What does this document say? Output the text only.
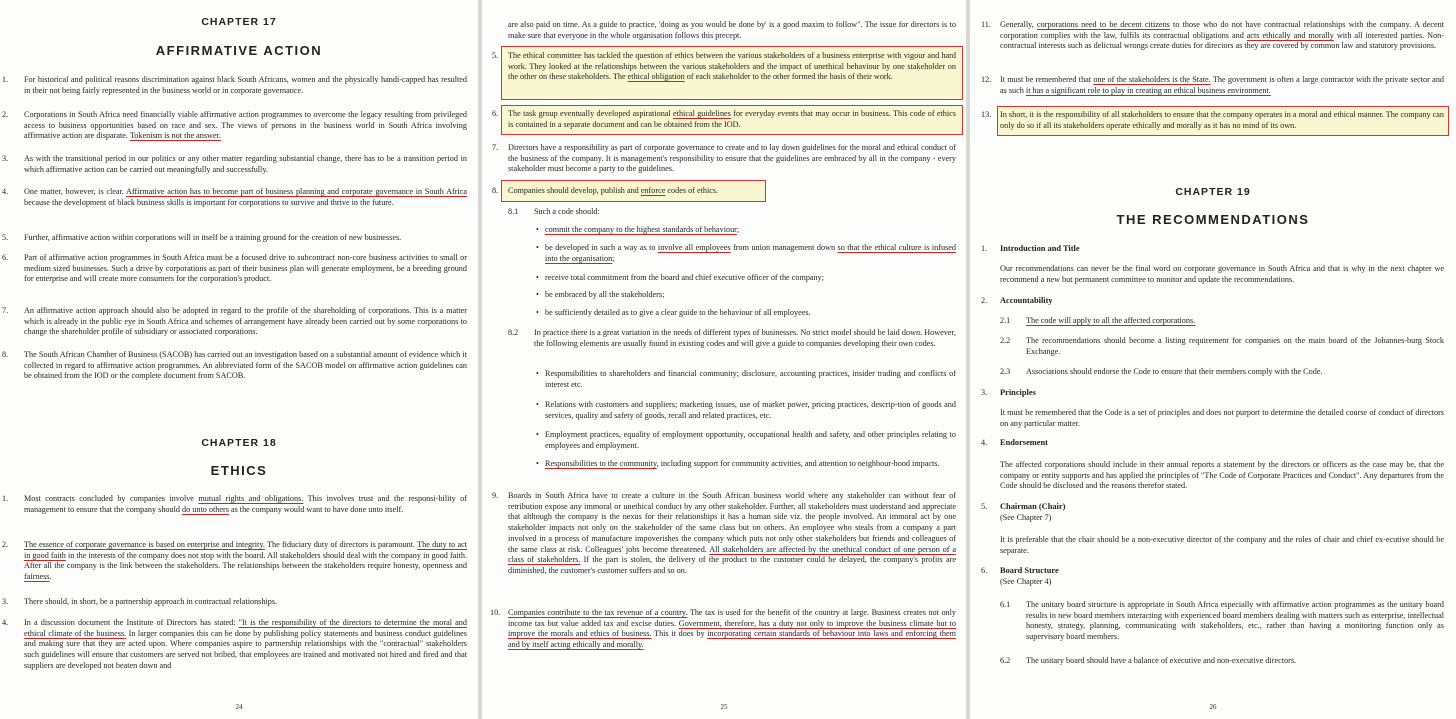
CHAPTER 17
AFFIRMATIVE ACTION
1. For historical and political reasons discrimination against black South Africans, women and the physically handi-capped has resulted in their not being fairly represented in the business world or in corporate governance.
2. Corporations in South Africa need financially viable affirmative action programmes to overcome the legacy resulting from privileged access to business opportunities based on race and sex. The views of persons in the business world in South Africa involving affirmative action are disparate. Tokenism is not the answer.
3. As with the transitional period in our politics or any other matter regarding substantial change, there has to be a transition period in which affirmative action can be carried out meaningfully and successfully.
4. One matter, however, is clear. Affirmative action has to become part of business planning and corporate governance in South Africa because the development of black business skills is important for corporations to survive and thrive in the future.
5. Further, affirmative action within corporations will in itself be a training ground for the creation of new businesses.
6. Part of affirmative action programmes in South Africa must be a focused drive to subcontract non-core business activities to small or medium sized businesses. Such a drive by corporations as part of their business plan will generate employment, be a breeding ground for enterprise and will create more consumers for the corporation's product.
7. An affirmative action approach should also be adopted in regard to the profile of the shareholding of corporations. This is a matter which is already in the public eye in South Africa and schemes of arrangement have already been carried out by some corporations to change the shareholder profile of subsidiary or associated corporations.
8. The South African Chamber of Business (SACOB) has carried out an investigation based on a substantial amount of evidence which it collected in regard to affirmative action programmes. An abbreviated form of the SACOB model on affirmative action guidelines can be obtained from the IOD or the complete document from SACOB.
CHAPTER 18
ETHICS
1. Most contracts concluded by companies involve mutual rights and obligations. This involves trust and the responsi-bility of management to ensure that the company should do unto others as the company would want to have done unto itself.
2. The essence of corporate governance is based on enterprise and integrity. The fiduciary duty of directors is paramount. The duty to act in good faith in the interests of the company does not stop with the board. All stakeholders should deal with the company in good faith. After all the company is the link between the stakeholders. The relationships between the stakeholders require honesty, openness and fairness.
3. There should, in short, be a partnership approach in contractual relationships.
4. In a discussion document the Institute of Directors has stated: "It is the responsibility of the directors to determine the moral and ethical climate of the business. In larger companies this can be done by publishing policy statements and business conduct guidelines and making sure that they are acted upon. Where companies aspire to partnership relationships with the "contractual" stakeholders such guidelines will ensure that customers are served not bribed, that employees are trained and motivated not hired and fired and that suppliers are developed not beaten down and
24
are also paid on time. As a guide to practice, 'doing as you would be done by' is a good maxim to follow". The issue for directors is to make sure that everyone in the whole organisation follows this precept.
5. The ethical committee has tackled the question of ethics between the various stakeholders of a business enterprise with vigour and hard work. They looked at the relationships between the various stakeholders and the impact of unethical behaviour by one stakeholder on the other on these stakeholders. The ethical obligation of each stakeholder to the other formed the basis of their work.
6. The task group eventually developed aspirational ethical guidelines for everyday events that may occur in business. This code of ethics is contained in a separate document and can be obtained from the IOD.
7. Directors have a responsibility as part of corporate governance to create and to lay down guidelines for the moral and ethical conduct of the business of the company. It is management's responsibility to ensure that the guidelines are embraced by all in the company - every stakeholder must become a party to the guidelines.
8. Companies should develop, publish and enforce codes of ethics.
8.1 Such a code should:
• commit the company to the highest standards of behaviour;
• be developed in such a way as to involve all employees from union management down so that the ethical culture is infused into the organisation;
• receive total commitment from the board and chief executive officer of the company;
• be embraced by all the stakeholders;
• be sufficiently detailed as to give a clear guide to the behaviour of all employees.
8.2 In practice there is a great variation in the needs of different types of businesses. No strict model should be laid down. However, the following elements are usually found in existing codes and will give a guide to companies developing their own codes.
• Responsibilities to shareholders and financial community; disclosure, accounting practices, insider trading and conflicts of interest etc.
• Relations with customers and suppliers; marketing issues, use of market power, pricing practices, descrip-tion of goods and services, quality and safety of goods, recall and related practices, etc.
• Employment practices, equality of employment opportunity, occupational health and safety, and other principles relating to employees and employment.
• Responsibilities to the community, including support for community activities, and attention to neighbour-hood impacts.
9. Boards in South Africa have to create a culture in the South African business world where any stakeholder can without fear of retribution expose any immoral or unethical conduct by any other stakeholder. Further, all stakeholders must understand and appreciate that although the company is the nexus for their relationships it has a human side viz. the people involved. An immoral act by one stakeholder impacts not only on the stakeholder of the same class but on others. An employee who steals from a company a part involved in a process of manufacture impoverishes the company which puts not only other stakeholders but friends and colleagues of the same class at risk. Colleagues' jobs become threatened. All stakeholders are affected by the unethical conduct of one person of a class of stakeholders. If the part is stolen, the delivery of the product to the customer could be delayed, the company's profits are diminished, the customer's customer suffers and so on.
10. Companies contribute to the tax revenue of a country. The tax is used for the benefit of the country at large. Business creates not only income tax but value added tax and excise duties. Government, therefore, has a duty not only to improve the business climate but to improve the morals and ethics of business. This it does by incorporating certain standards of behaviour into laws and enforcing them and by itself acting ethically and morally.
25
11. Generally, corporations need to be decent citizens to those who do not have contractual relationships with the company. A decent corporation complies with the law, fulfils its contractual obligations and acts ethically and morally with all interested parties. Non-contractual interests such as delictual wrongs create duties for directors as they are covered by common law and statutory provisions.
12. It must be remembered that one of the stakeholders is the State. The government is often a large contractor with the private sector and as such it has a significant role to play in creating an ethical business environment.
13. In short, it is the responsibility of all stakeholders to ensure that the company operates in a moral and ethical manner. The company can only do so if all its stakeholders operate ethically and morally as it has no mind of its own.
CHAPTER 19
THE RECOMMENDATIONS
1. Introduction and Title
Our recommendations can never be the final word on corporate governance in South Africa and that is why in the next chapter we recommend a new but permanent committee to monitor and update the recommendations.
2. Accountability
2.1 The code will apply to all the affected corporations.
2.2 The recommendations should become a listing requirement for companies on the main board of the Johannes-burg Stock Exchange.
2.3 Associations should endorse the Code to ensure that their members comply with the Code.
3. Principles
It must be remembered that the Code is a set of principles and does not purport to determine the detailed course of conduct of directors on any particular matter.
4. Endorsement
The affected corporations should include in their annual reports a statement by the directors or officers as the case may be, that the company or entity supports and has applied the principles of "The Code of Corporate Practices and Conduct". Any departures from the Code should be disclosed and the reasons therefor stated.
5. Chairman (Chair)
(See Chapter 7)
It is preferable that the chair should be a non-executive director of the company and the roles of chair and chief ex-ecutive should be separate.
6. Board Structure
(See Chapter 4)
6.1 The unitary board structure is appropriate in South Africa especially with affirmative action programmes as the unitary board results in new board members interacting with experienced board members dealing with matters such as enterprise, intellectual honesty, strategy, planning, communicating with stakeholders, etc., rather than having a monitoring function only as supervisory board members.
6.2 The unitary board should have a balance of executive and non-executive directors.
26
